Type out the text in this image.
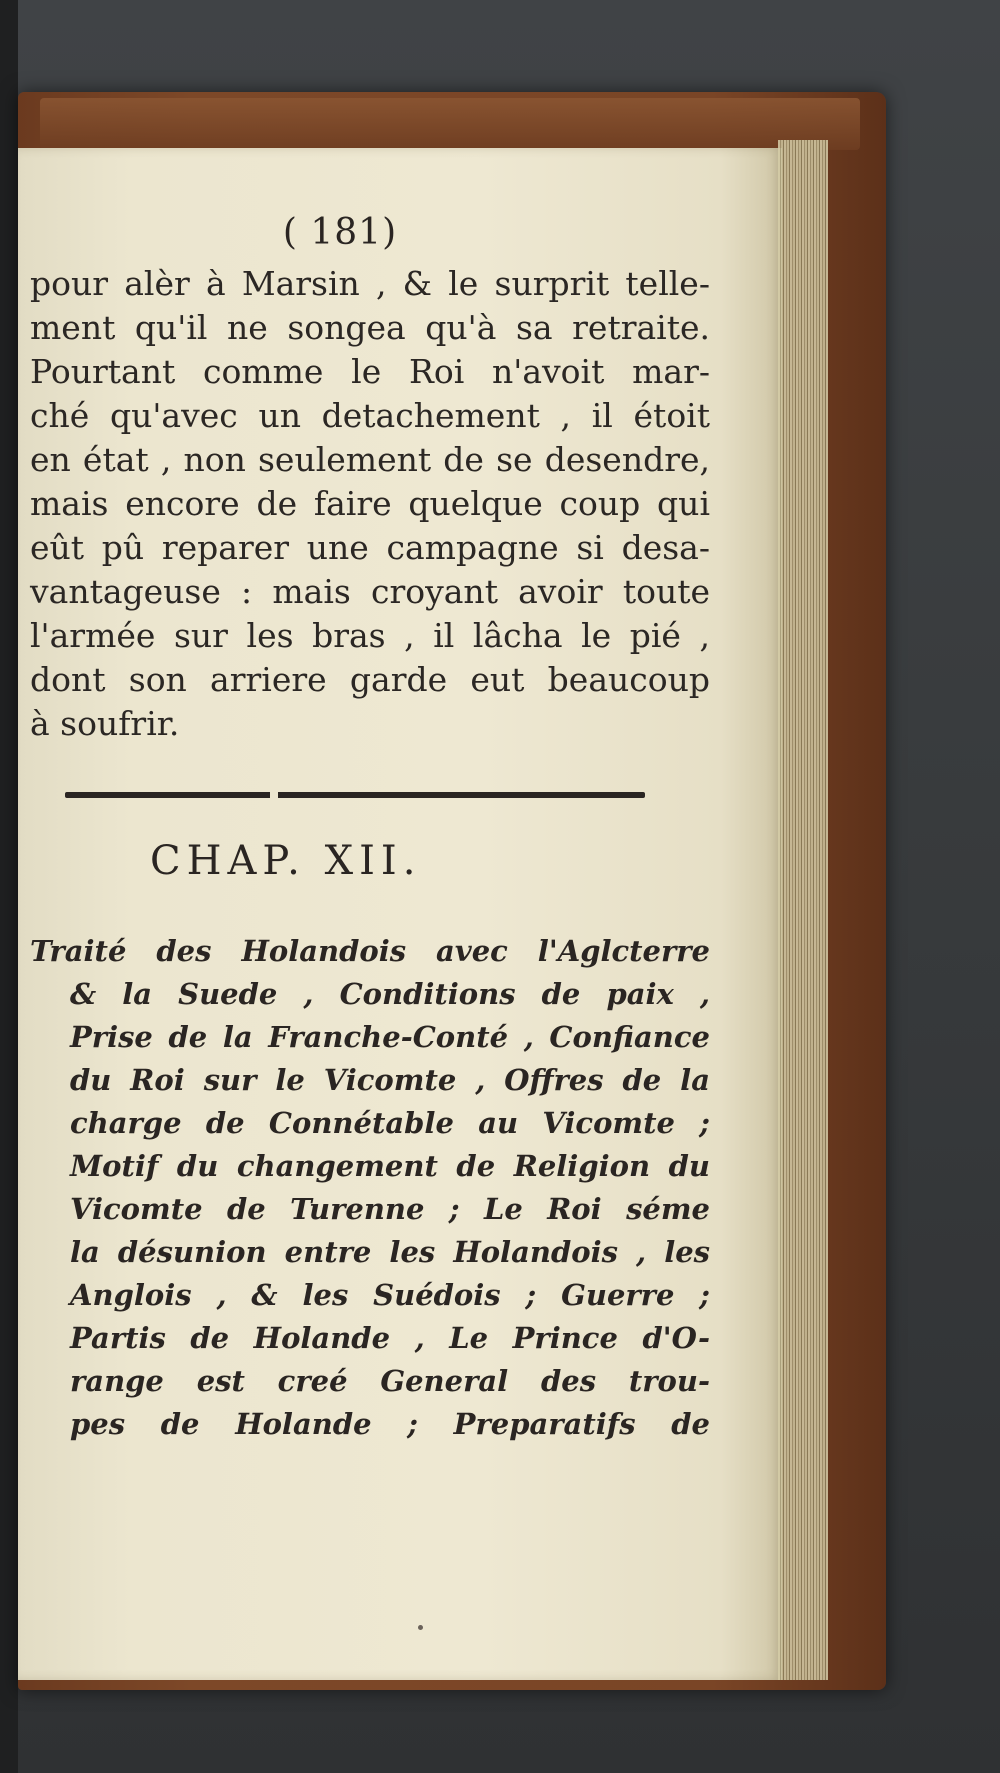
( 181)

pour alèr à Marsin , & le surprit telle-
ment qu'il ne songea qu'à sa retraite.
Pourtant comme le Roi n'avoit mar-
ché qu'avec un detachement , il étoit
en état , non seulement de se desendre,
mais encore de faire quelque coup qui
eût pû reparer une campagne si desa-
vantageuse : mais croyant avoir toute
l'armée sur les bras , il lâcha le pié ,
dont son arriere garde eut beaucoup
à soufrir.

CHAP. XII.

Traité des Holandois avec l'Aglcterre
& la Suede , Conditions de paix ,
Prise de la Franche-Conté , Confiance
du Roi sur le Vicomte , Offres de la
charge de Connétable au Vicomte ;
Motif du changement de Religion du
Vicomte de Turenne ; Le Roi séme
la désunion entre les Holandois , les
Anglois , & les Suédois ; Guerre ;
Partis de Holande , Le Prince d'O-
range est creé General des trou-
pes de Holande ; Preparatifs de
